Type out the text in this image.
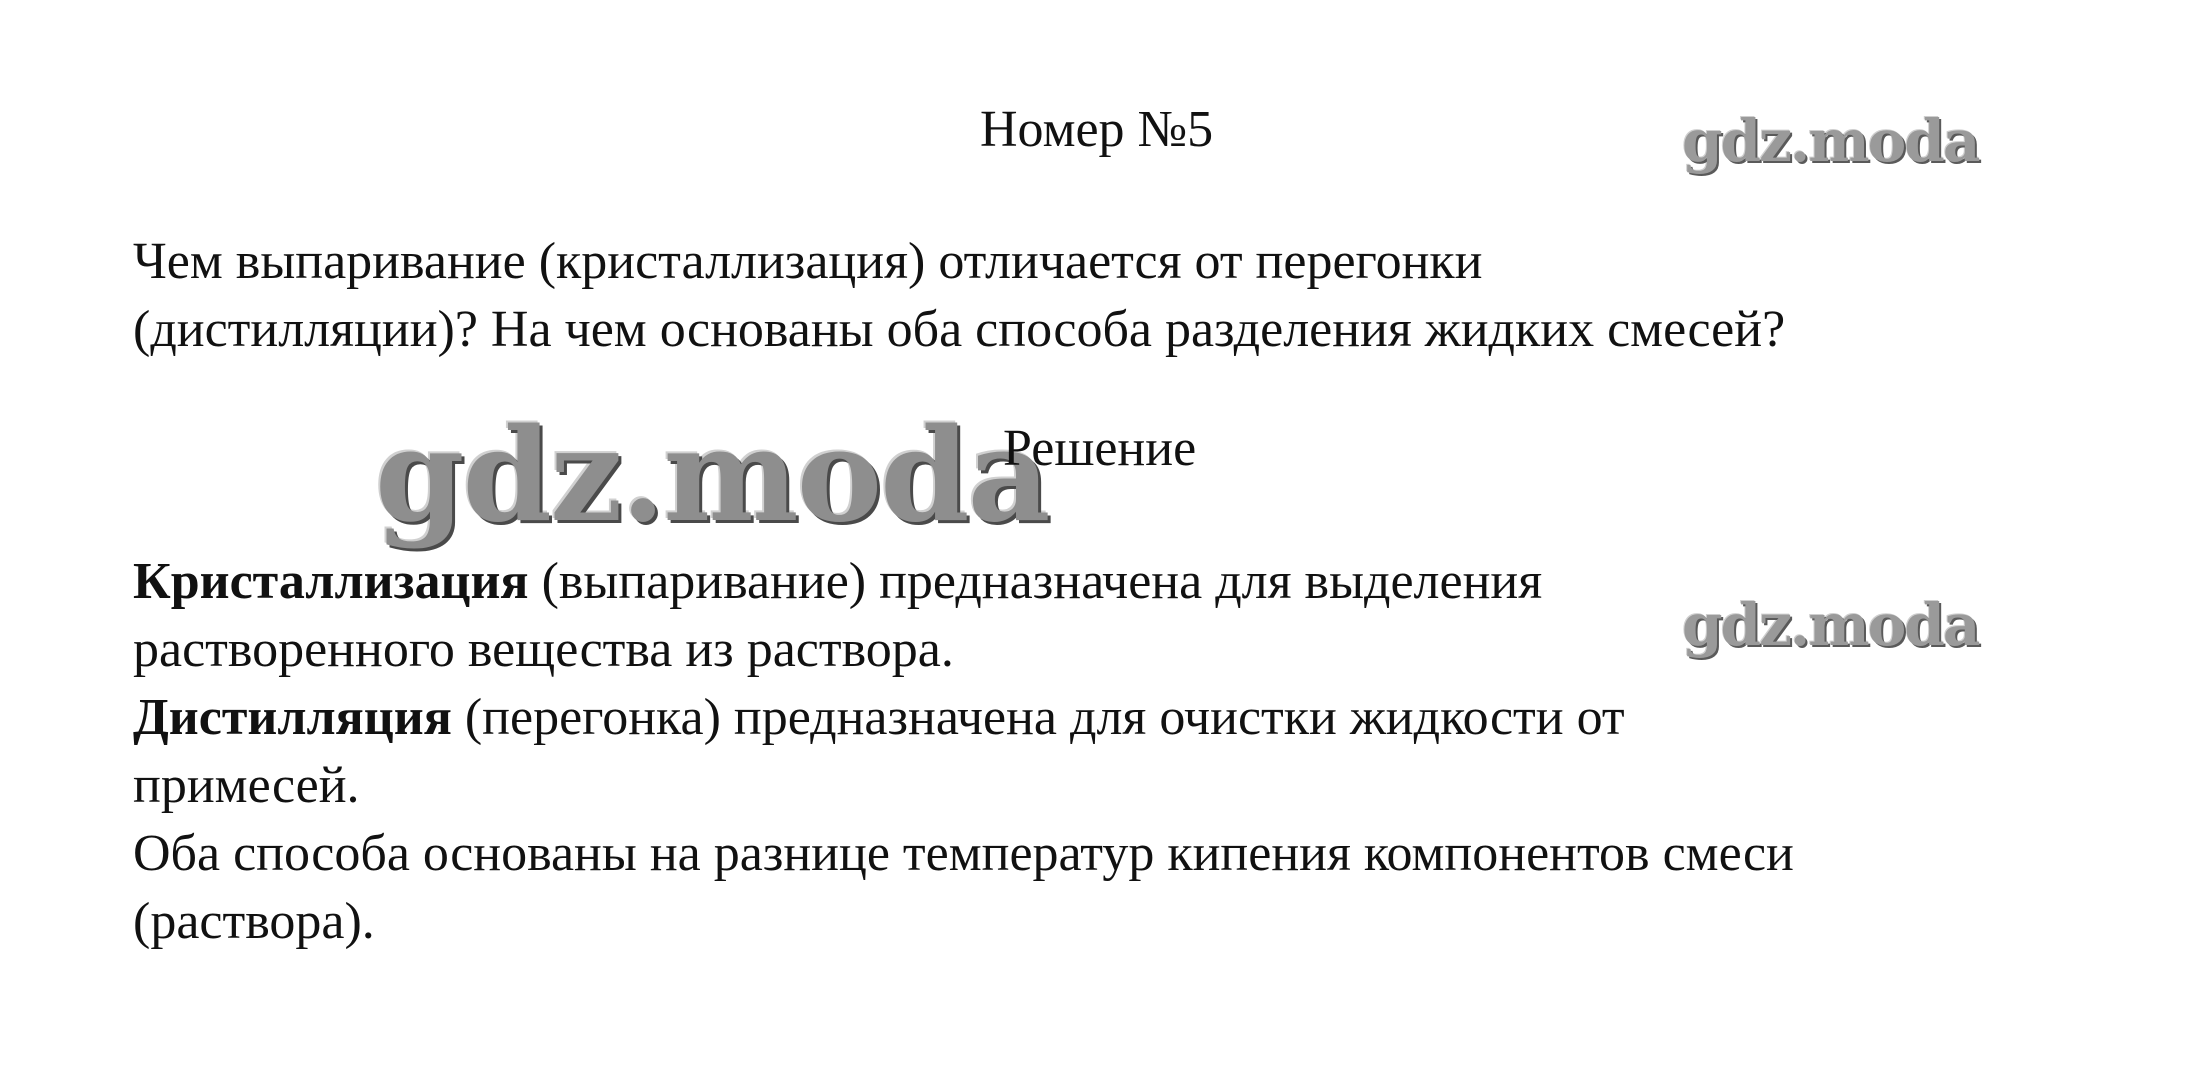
Номер №5	gdz.moda
Чем выпаривание (кристаллизация) отличается от перегонки
(дистилляции)? На чем основаны оба способа разделения жидких смесей?
gdz.moda
Решение
Кристаллизация (выпаривание) предназначена для выделения
растворенного вещества из раствора.
Дистилляция (перегонка) предназначена для очистки жидкости от
примесей.
Оба способа основаны на разнице температур кипения компонентов смеси
(раствора).
gdz.moda
